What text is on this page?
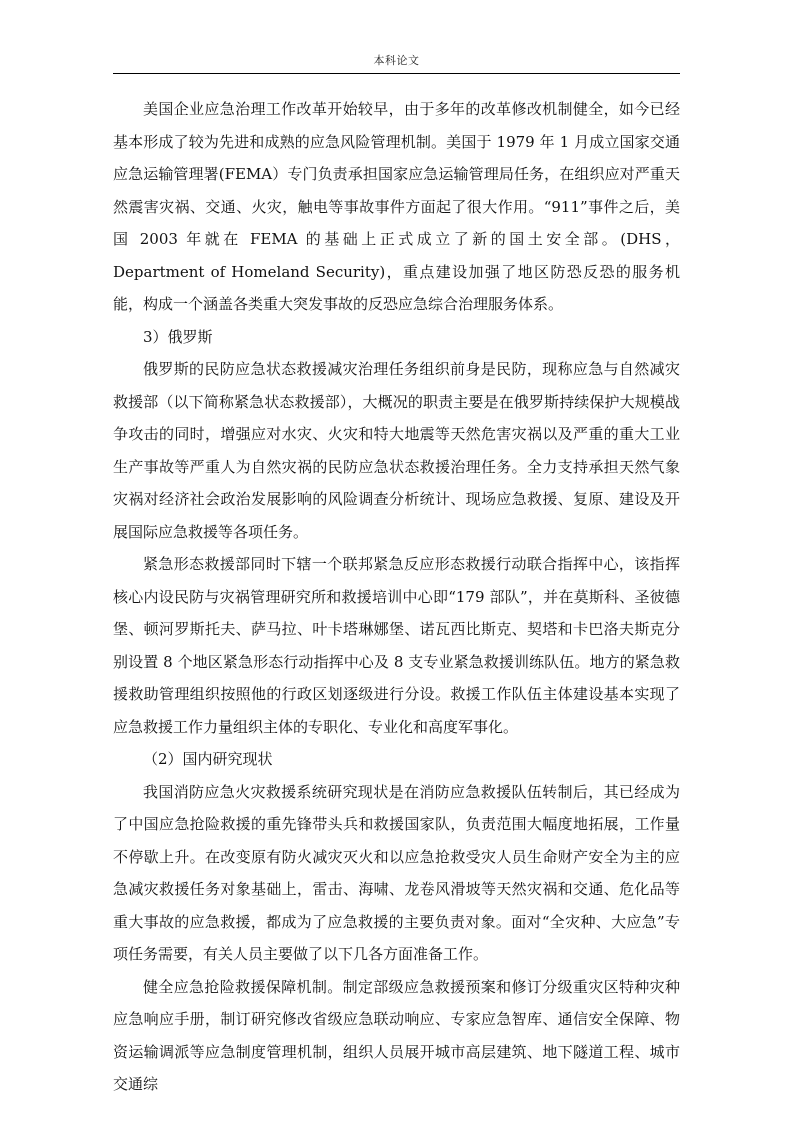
本科论文

美国企业应急治理工作改革开始较早，由于多年的改革修改机制健全，如今已经基本形成了较为先进和成熟的应急风险管理机制。美国于 1979 年 1 月成立国家交通应急运输管理署(FEMA）专门负责承担国家应急运输管理局任务，在组织应对严重天然震害灾祸、交通、火灾，触电等事故事件方面起了很大作用。“911”事件之后，美国 2003 年就在 FEMA 的基础上正式成立了新的国土安全部。(DHS，Department of Homeland Security)，重点建设加强了地区防恐反恐的服务机能，构成一个涵盖各类重大突发事故的反恐应急综合治理服务体系。

3）俄罗斯

俄罗斯的民防应急状态救援减灾治理任务组织前身是民防，现称应急与自然减灾救援部（以下简称紧急状态救援部），大概况的职责主要是在俄罗斯持续保护大规模战争攻击的同时，增强应对水灾、火灾和特大地震等天然危害灾祸以及严重的重大工业生产事故等严重人为自然灾祸的民防应急状态救援治理任务。全力支持承担天然气象灾祸对经济社会政治发展影响的风险调查分析统计、现场应急救援、复原、建设及开展国际应急救援等各项任务。

紧急形态救援部同时下辖一个联邦紧急反应形态救援行动联合指挥中心，该指挥核心内设民防与灾祸管理研究所和救援培训中心即“179 部队”，并在莫斯科、圣彼德堡、顿河罗斯托夫、萨马拉、叶卡塔琳娜堡、诺瓦西比斯克、契塔和卡巴洛夫斯克分别设置 8 个地区紧急形态行动指挥中心及 8 支专业紧急救援训练队伍。地方的紧急救援救助管理组织按照他的行政区划逐级进行分设。救援工作队伍主体建设基本实现了应急救援工作力量组织主体的专职化、专业化和高度军事化。

（2）国内研究现状

我国消防应急火灾救援系统研究现状是在消防应急救援队伍转制后，其已经成为了中国应急抢险救援的重先锋带头兵和救援国家队，负责范围大幅度地拓展，工作量不停歇上升。在改变原有防火减灾灭火和以应急抢救受灾人员生命财产安全为主的应急减灾救援任务对象基础上，雷击、海啸、龙卷风滑坡等天然灾祸和交通、危化品等重大事故的应急救援，都成为了应急救援的主要负责对象。面对“全灾种、大应急”专项任务需要，有关人员主要做了以下几各方面准备工作。

健全应急抢险救援保障机制。制定部级应急救援预案和修订分级重灾区特种灾种应急响应手册，制订研究修改省级应急联动响应、专家应急智库、通信安全保障、物资运输调派等应急制度管理机制，组织人员展开城市高层建筑、地下隧道工程、城市交通综
